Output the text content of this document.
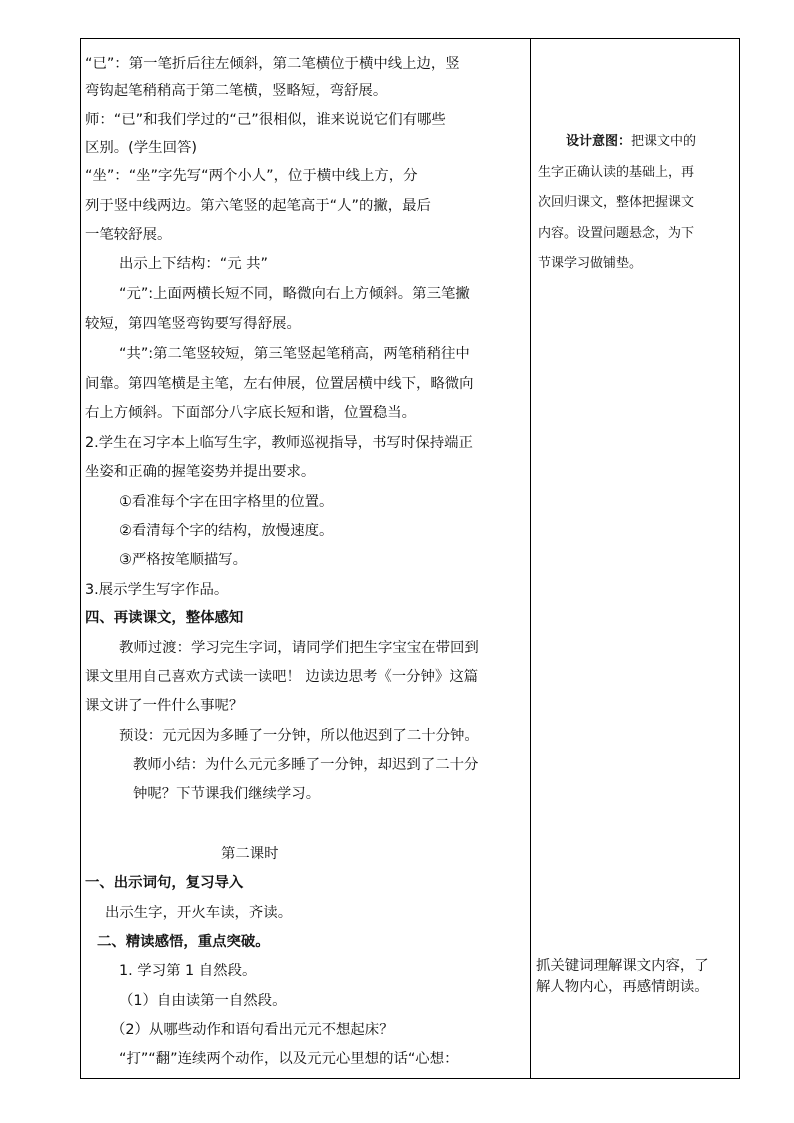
“已”：第一笔折后往左倾斜，第二笔横位于横中线上边，竖
弯钩起笔稍稍高于第二笔横，竖略短，弯舒展。
师：“已”和我们学过的“己”很相似，谁来说说它们有哪些
区别。(学生回答)
“坐”：“坐”字先写“两个小人”，位于横中线上方，分
列于竖中线两边。第六笔竖的起笔高于“人”的撇，最后
一笔较舒展。
出示上下结构：“元 共”
“元”:上面两横长短不同，略微向右上方倾斜。第三笔撇
较短，第四笔竖弯钩要写得舒展。
“共”:第二笔竖较短，第三笔竖起笔稍高，两笔稍稍往中
间靠。第四笔横是主笔，左右伸展，位置居横中线下，略微向
右上方倾斜。下面部分八字底长短和谐，位置稳当。
2.学生在习字本上临写生字，教师巡视指导，书写时保持端正
坐姿和正确的握笔姿势并提出要求。
①看准每个字在田字格里的位置。
②看清每个字的结构，放慢速度。
③严格按笔顺描写。
3.展示学生写字作品。
四、再读课文，整体感知
教师过渡：学习完生字词，请同学们把生字宝宝在带回到
课文里用自己喜欢方式读一读吧！ 边读边思考《一分钟》这篇
课文讲了一件什么事呢？
预设：元元因为多睡了一分钟，所以他迟到了二十分钟。
教师小结：为什么元元多睡了一分钟，却迟到了二十分
钟呢？下节课我们继续学习。
第二课时
一、出示词句，复习导入
出示生字，开火车读，齐读。
二、精读感悟，重点突破。
1. 学习第 1 自然段。
（1）自由读第一自然段。
（2）从哪些动作和语句看出元元不想起床？
“打”“翻”连续两个动作，以及元元心里想的话“心想：
设计意图：把课文中的
生字正确认读的基础上，再
次回归课文，整体把握课文
内容。设置问题悬念，为下
节课学习做铺垫。
抓关键词理解课文内容，了
解人物内心，再感情朗读。
